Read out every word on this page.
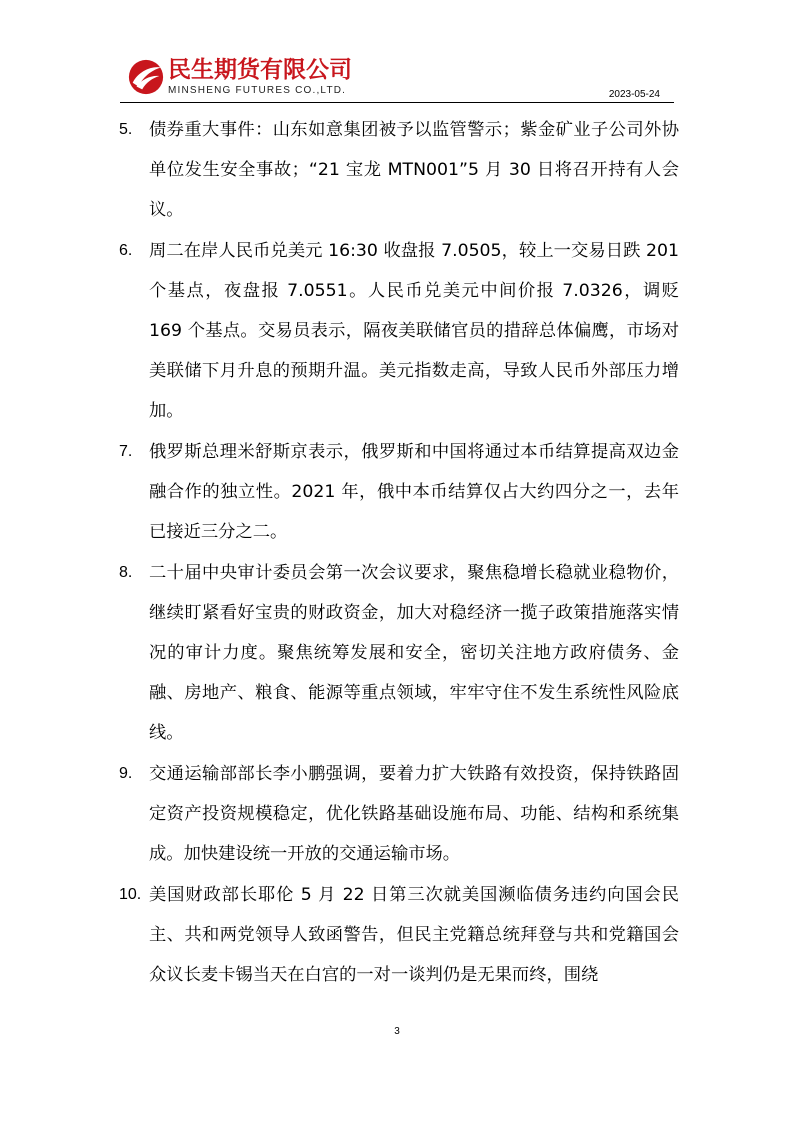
民生期货有限公司
MINSHENG FUTURES CO.,LTD.	2023-05-24
5. 债券重大事件：山东如意集团被予以监管警示；紫金矿业子公司外协单位发生安全事故；“21 宝龙 MTN001”5 月 30 日将召开持有人会议。
6. 周二在岸人民币兑美元 16:30 收盘报 7.0505，较上一交易日跌 201 个基点，夜盘报 7.0551。人民币兑美元中间价报 7.0326，调贬 169 个基点。交易员表示，隔夜美联储官员的措辞总体偏鹰，市场对美联储下月升息的预期升温。美元指数走高，导致人民币外部压力增加。
7. 俄罗斯总理米舒斯京表示，俄罗斯和中国将通过本币结算提高双边金融合作的独立性。2021 年，俄中本币结算仅占大约四分之一，去年已接近三分之二。
8. 二十届中央审计委员会第一次会议要求，聚焦稳增长稳就业稳物价，继续盯紧看好宝贵的财政资金，加大对稳经济一揽子政策措施落实情况的审计力度。聚焦统筹发展和安全，密切关注地方政府债务、金融、房地产、粮食、能源等重点领域，牢牢守住不发生系统性风险底线。
9. 交通运输部部长李小鹏强调，要着力扩大铁路有效投资，保持铁路固定资产投资规模稳定，优化铁路基础设施布局、功能、结构和系统集成。加快建设统一开放的交通运输市场。
10. 美国财政部长耶伦 5 月 22 日第三次就美国濒临债务违约向国会民主、共和两党领导人致函警告，但民主党籍总统拜登与共和党籍国会众议长麦卡锡当天在白宫的一对一谈判仍是无果而终，围绕
3
